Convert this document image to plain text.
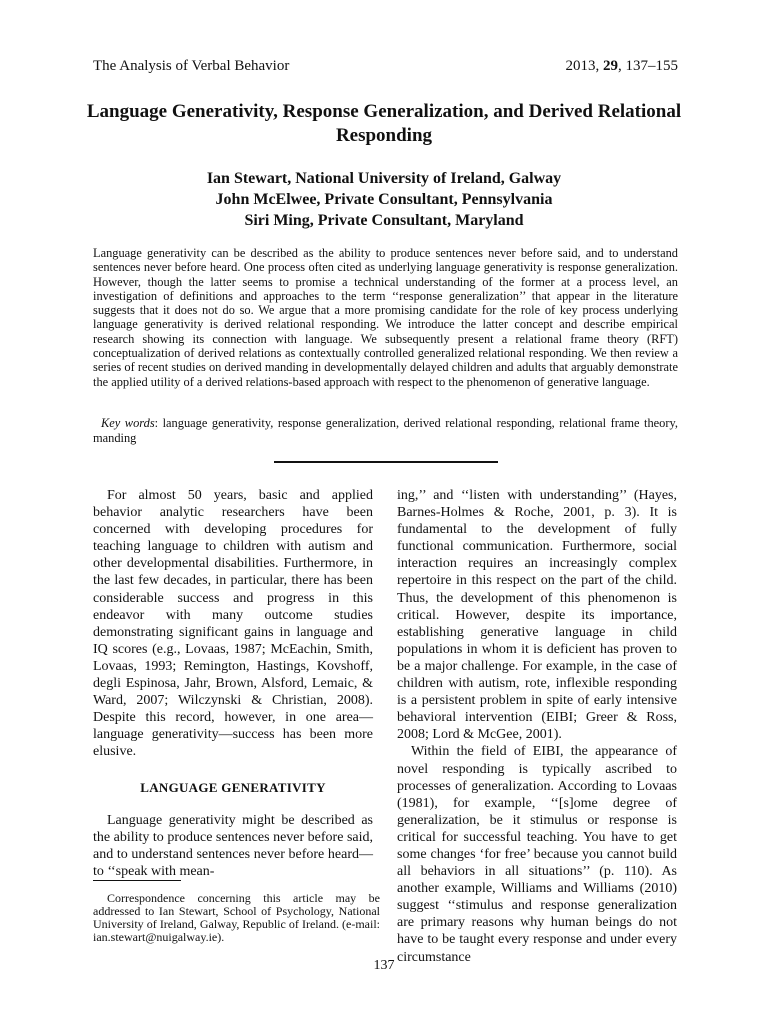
The Analysis of Verbal Behavior	2013, 29, 137–155
Language Generativity, Response Generalization, and Derived Relational Responding
Ian Stewart, National University of Ireland, Galway
John McElwee, Private Consultant, Pennsylvania
Siri Ming, Private Consultant, Maryland
Language generativity can be described as the ability to produce sentences never before said, and to understand sentences never before heard. One process often cited as underlying language generativity is response generalization. However, though the latter seems to promise a technical understanding of the former at a process level, an investigation of definitions and approaches to the term ‘‘response generalization’’ that appear in the literature suggests that it does not do so. We argue that a more promising candidate for the role of key process underlying language generativity is derived relational responding. We introduce the latter concept and describe empirical research showing its connection with language. We subsequently present a relational frame theory (RFT) conceptualization of derived relations as contextually controlled generalized relational responding. We then review a series of recent studies on derived manding in developmentally delayed children and adults that arguably demonstrate the applied utility of a derived relations-based approach with respect to the phenomenon of generative language.
Key words: language generativity, response generalization, derived relational responding, relational frame theory, manding

For almost 50 years, basic and applied behavior analytic researchers have been concerned with developing procedures for teaching language to children with autism and other developmental disabilities. Furthermore, in the last few decades, in particular, there has been considerable success and progress in this endeavor with many outcome studies demonstrating significant gains in language and IQ scores (e.g., Lovaas, 1987; McEachin, Smith, Lovaas, 1993; Remington, Hastings, Kovshoff, degli Espinosa, Jahr, Brown, Alsford, Lemaic, & Ward, 2007; Wilczynski & Christian, 2008). Despite this record, however, in one area—language generativity—success has been more elusive.

LANGUAGE GENERATIVITY

Language generativity might be described as the ability to produce sentences never before said, and to understand sentences never before heard—to ‘‘speak with mean-

ing,’’ and ‘‘listen with understanding’’ (Hayes, Barnes-Holmes & Roche, 2001, p. 3). It is fundamental to the development of fully functional communication. Furthermore, social interaction requires an increasingly complex repertoire in this respect on the part of the child. Thus, the development of this phenomenon is critical. However, despite its importance, establishing generative language in child populations in whom it is deficient has proven to be a major challenge. For example, in the case of children with autism, rote, inflexible responding is a persistent problem in spite of early intensive behavioral intervention (EIBI; Greer & Ross, 2008; Lord & McGee, 2001).

Within the field of EIBI, the appearance of novel responding is typically ascribed to processes of generalization. According to Lovaas (1981), for example, ‘‘[s]ome degree of generalization, be it stimulus or response is critical for successful teaching. You have to get some changes ‘for free’ because you cannot build all behaviors in all situations’’ (p. 110). As another example, Williams and Williams (2010) suggest ‘‘stimulus and response generalization are primary reasons why human beings do not have to be taught every response and under every circumstance

Correspondence concerning this article may be addressed to Ian Stewart, School of Psychology, National University of Ireland, Galway, Republic of Ireland. (e-mail: ian.stewart@nuigalway.ie).
137
